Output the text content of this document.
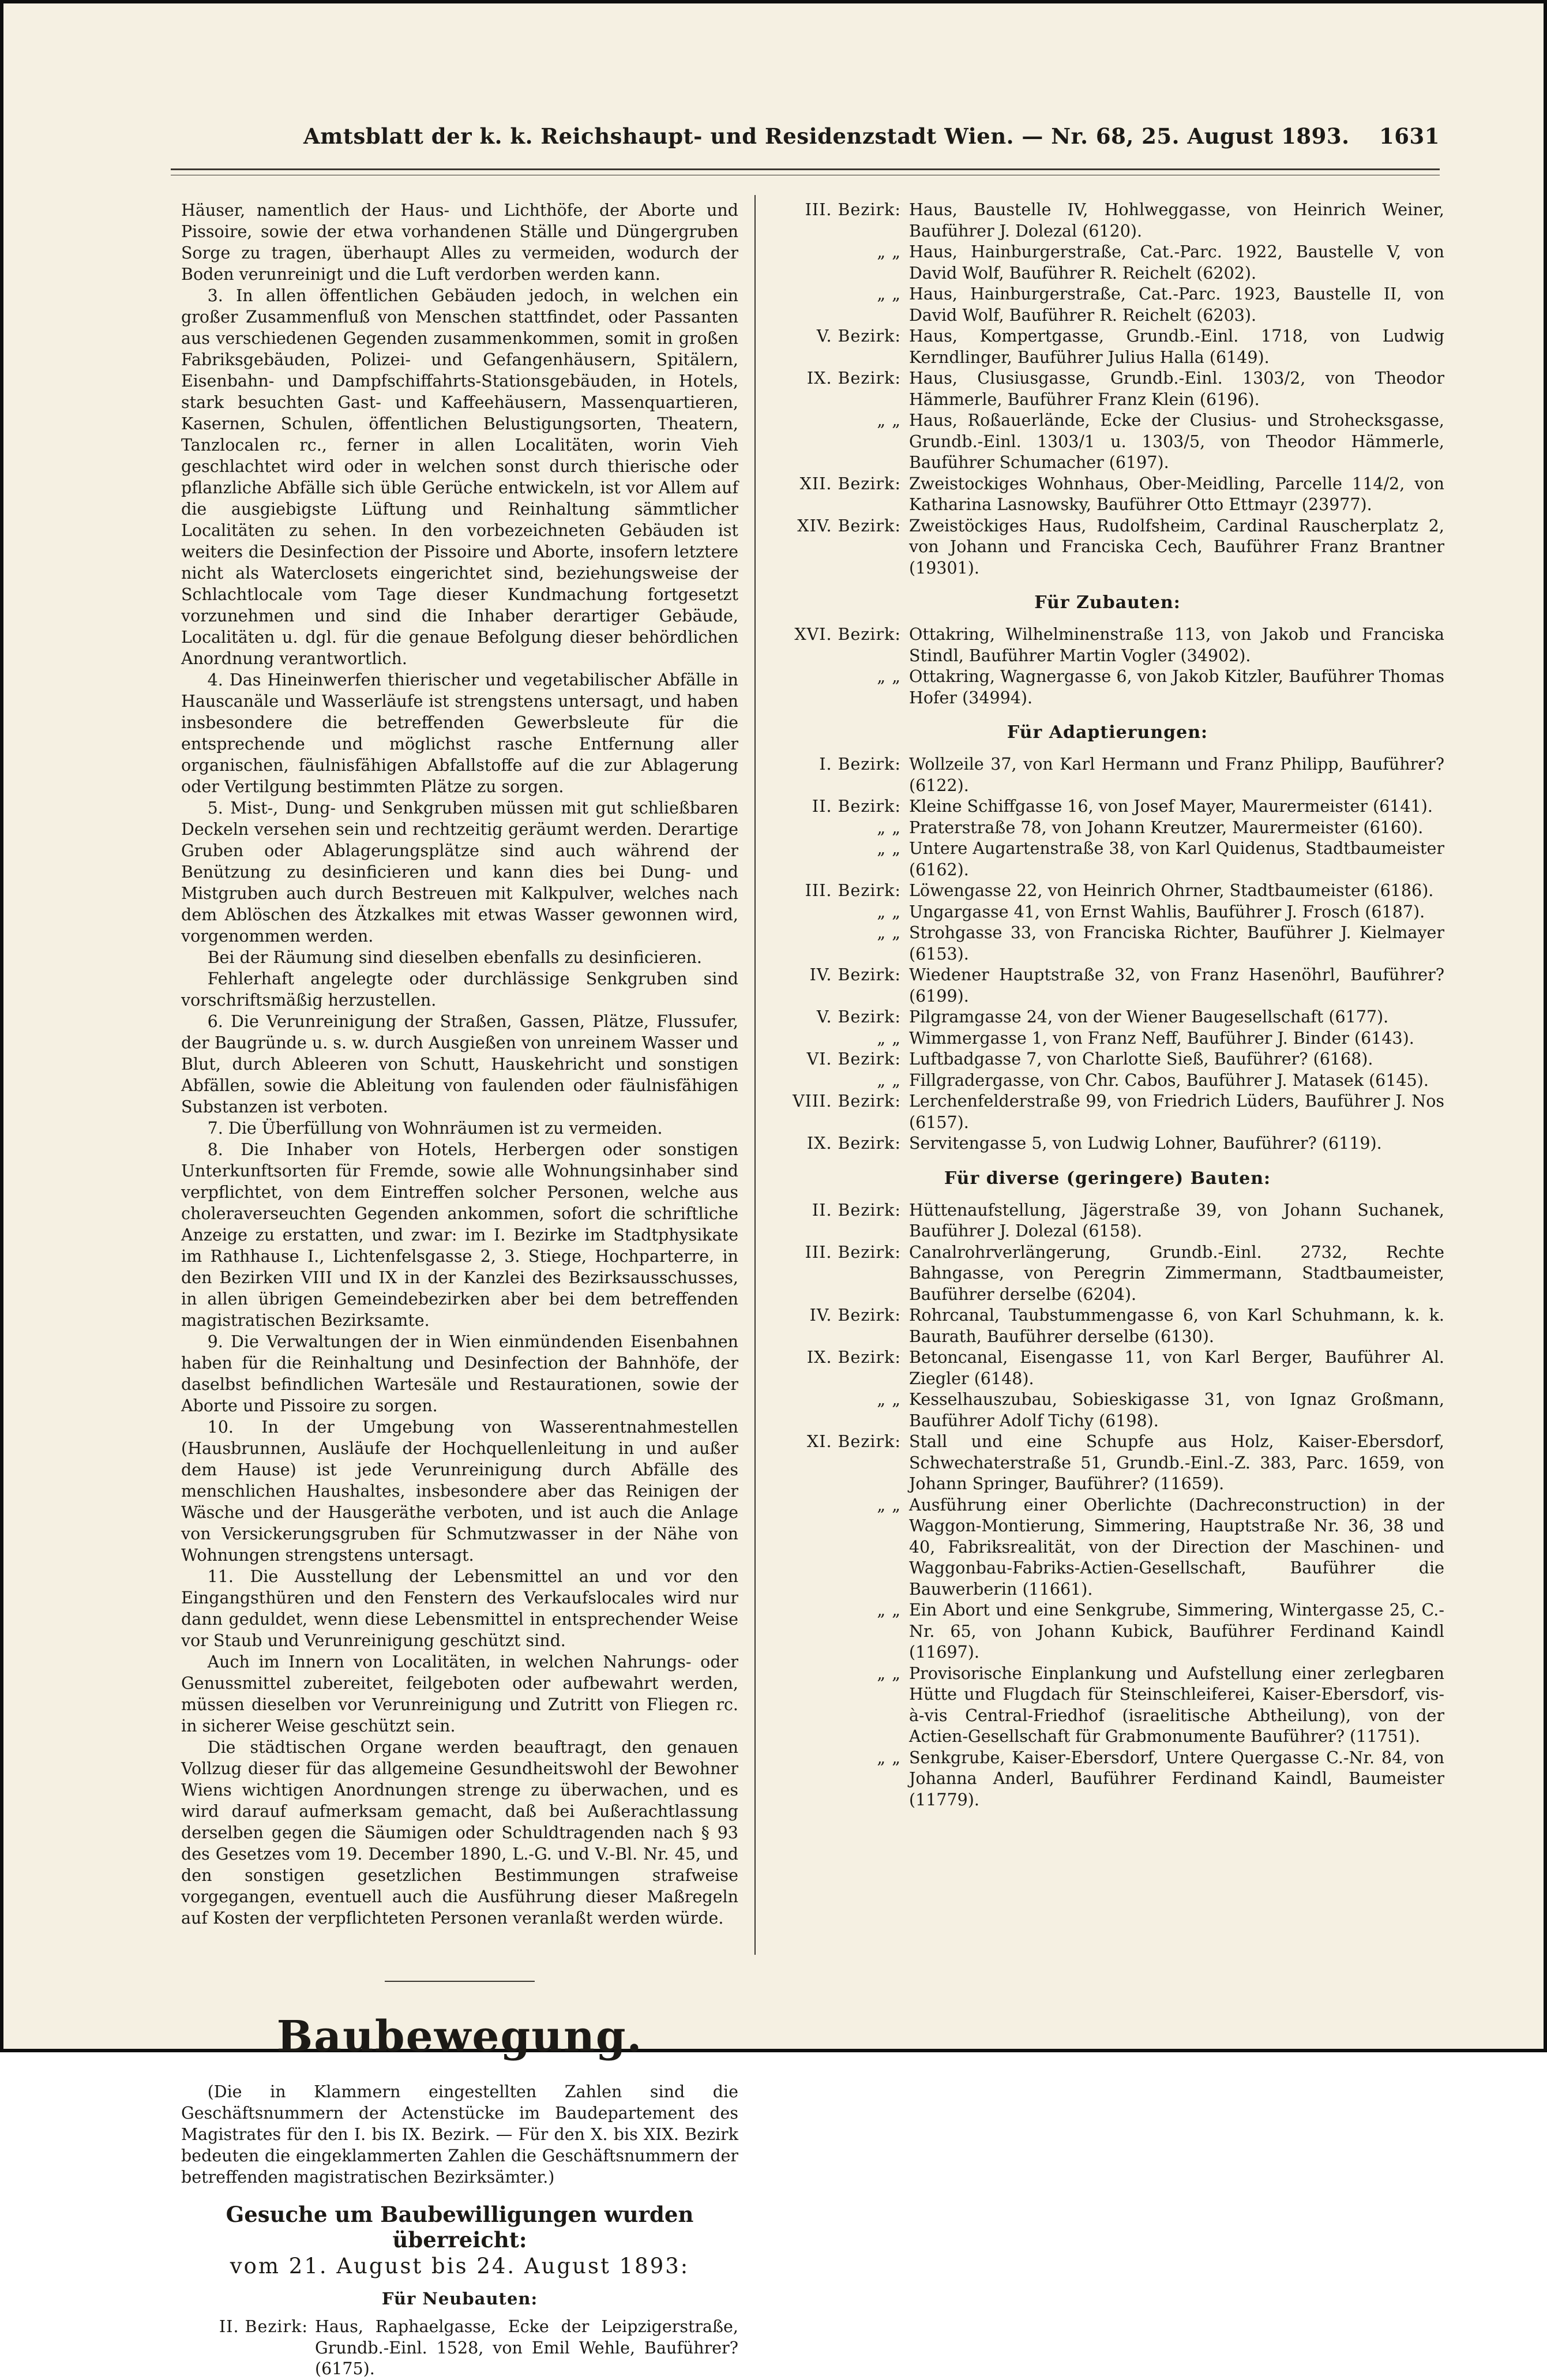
Amtsblatt der k. k. Reichshaupt- und Residenzstadt Wien. — Nr. 68, 25. August 1893. 1631

Häuser, namentlich der Haus- und Lichthöfe, der Aborte und Pissoire, sowie der etwa vorhandenen Ställe und Düngergruben Sorge zu tragen, überhaupt Alles zu vermeiden, wodurch der Boden verunreinigt und die Luft verdorben werden kann.

3. In allen öffentlichen Gebäuden jedoch, in welchen ein großer Zusammenfluß von Menschen stattfindet, oder Passanten aus verschiedenen Gegenden zusammenkommen, somit in großen Fabriksgebäuden, Polizei- und Gefangenhäusern, Spitälern, Eisenbahn- und Dampfschiffahrts-Stationsgebäuden, in Hotels, stark besuchten Gast- und Kaffeehäusern, Massenquartieren, Kasernen, Schulen, öffentlichen Belustigungsorten, Theatern, Tanzlocalen rc., ferner in allen Localitäten, worin Vieh geschlachtet wird oder in welchen sonst durch thierische oder pflanzliche Abfälle sich üble Gerüche entwickeln, ist vor Allem auf die ausgiebigste Lüftung und Reinhaltung sämmtlicher Localitäten zu sehen. In den vorbezeichneten Gebäuden ist weiters die Desinfection der Pissoire und Aborte, insofern letztere nicht als Waterclosets eingerichtet sind, beziehungsweise der Schlachtlocale vom Tage dieser Kundmachung fortgesetzt vorzunehmen und sind die Inhaber derartiger Gebäude, Localitäten u. dgl. für die genaue Befolgung dieser behördlichen Anordnung verantwortlich.

4. Das Hineinwerfen thierischer und vegetabilischer Abfälle in Hauscanäle und Wasserläufe ist strengstens untersagt, und haben insbesondere die betreffenden Gewerbsleute für die entsprechende und möglichst rasche Entfernung aller organischen, fäulnisfähigen Abfallstoffe auf die zur Ablagerung oder Vertilgung bestimmten Plätze zu sorgen.

5. Mist-, Dung- und Senkgruben müssen mit gut schließbaren Deckeln versehen sein und rechtzeitig geräumt werden. Derartige Gruben oder Ablagerungsplätze sind auch während der Benützung zu desinficieren und kann dies bei Dung- und Mistgruben auch durch Bestreuen mit Kalkpulver, welches nach dem Ablöschen des Ätzkalkes mit etwas Wasser gewonnen wird, vorgenommen werden.

Bei der Räumung sind dieselben ebenfalls zu desinficieren.

Fehlerhaft angelegte oder durchlässige Senkgruben sind vorschriftsmäßig herzustellen.

6. Die Verunreinigung der Straßen, Gassen, Plätze, Flussufer, der Baugründe u. s. w. durch Ausgießen von unreinem Wasser und Blut, durch Ableeren von Schutt, Hauskehricht und sonstigen Abfällen, sowie die Ableitung von faulenden oder fäulnisfähigen Substanzen ist verboten.

7. Die Überfüllung von Wohnräumen ist zu vermeiden.

8. Die Inhaber von Hotels, Herbergen oder sonstigen Unterkunftsorten für Fremde, sowie alle Wohnungsinhaber sind verpflichtet, von dem Eintreffen solcher Personen, welche aus choleraverseuchten Gegenden ankommen, sofort die schriftliche Anzeige zu erstatten, und zwar: im I. Bezirke im Stadtphysikate im Rathhause I., Lichtenfelsgasse 2, 3. Stiege, Hochparterre, in den Bezirken VIII und IX in der Kanzlei des Bezirksausschusses, in allen übrigen Gemeindebezirken aber bei dem betreffenden magistratischen Bezirksamte.

9. Die Verwaltungen der in Wien einmündenden Eisenbahnen haben für die Reinhaltung und Desinfection der Bahnhöfe, der daselbst befindlichen Wartesäle und Restaurationen, sowie der Aborte und Pissoire zu sorgen.

10. In der Umgebung von Wasserentnahmestellen (Hausbrunnen, Ausläufe der Hochquellenleitung in und außer dem Hause) ist jede Verunreinigung durch Abfälle des menschlichen Haushaltes, insbesondere aber das Reinigen der Wäsche und der Hausgeräthe verboten, und ist auch die Anlage von Versickerungsgruben für Schmutzwasser in der Nähe von Wohnungen strengstens untersagt.

11. Die Ausstellung der Lebensmittel an und vor den Eingangsthüren und den Fenstern des Verkaufslocales wird nur dann geduldet, wenn diese Lebensmittel in entsprechender Weise vor Staub und Verunreinigung geschützt sind.

Auch im Innern von Localitäten, in welchen Nahrungs- oder Genussmittel zubereitet, feilgeboten oder aufbewahrt werden, müssen dieselben vor Verunreinigung und Zutritt von Fliegen rc. in sicherer Weise geschützt sein.

Die städtischen Organe werden beauftragt, den genauen Vollzug dieser für das allgemeine Gesundheitswohl der Bewohner Wiens wichtigen Anordnungen strenge zu überwachen, und es wird darauf aufmerksam gemacht, daß bei Außerachtlassung derselben gegen die Säumigen oder Schuldtragenden nach § 93 des Gesetzes vom 19. December 1890, L.-G. und V.-Bl. Nr. 45, und den sonstigen gesetzlichen Bestimmungen strafweise vorgegangen, eventuell auch die Ausführung dieser Maßregeln auf Kosten der verpflichteten Personen veranlaßt werden würde.

Baubewegung.

(Die in Klammern eingestellten Zahlen sind die Geschäftsnummern der Actenstücke im Baudepartement des Magistrates für den I. bis IX. Bezirk. — Für den X. bis XIX. Bezirk bedeuten die eingeklammerten Zahlen die Geschäftsnummern der betreffenden magistratischen Bezirksämter.)

Gesuche um Baubewilligungen wurden überreicht:
vom 21. August bis 24. August 1893:
Für Neubauten:
II. Bezirk: Haus, Raphaelgasse, Ecke der Leipzigerstraße, Grundb.-Einl. 1528, von Emil Wehle, Bauführer? (6175).
III. Bezirk: Haus, Baustelle IV, Hohlweggasse, von Heinrich Weiner, Bauführer J. Dolezal (6120).
„ „ Haus, Hainburgerstraße, Cat.-Parc. 1922, Baustelle V, von David Wolf, Bauführer R. Reichelt (6202).
„ „ Haus, Hainburgerstraße, Cat.-Parc. 1923, Baustelle II, von David Wolf, Bauführer R. Reichelt (6203).
V. Bezirk: Haus, Kompertgasse, Grundb.-Einl. 1718, von Ludwig Kerndlinger, Bauführer Julius Halla (6149).
IX. Bezirk: Haus, Clusiusgasse, Grundb.-Einl. 1303/2, von Theodor Hämmerle, Bauführer Franz Klein (6196).
„ „ Haus, Roßauerlände, Ecke der Clusius- und Strohecksgasse, Grundb.-Einl. 1303/1 u. 1303/5, von Theodor Hämmerle, Bauführer Schumacher (6197).
XII. Bezirk: Zweistockiges Wohnhaus, Ober-Meidling, Parcelle 114/2, von Katharina Lasnowsky, Bauführer Otto Ettmayr (23977).
XIV. Bezirk: Zweistöckiges Haus, Rudolfsheim, Cardinal Rauscherplatz 2, von Johann und Franciska Cech, Bauführer Franz Brantner (19301).
Für Zubauten:
XVI. Bezirk: Ottakring, Wilhelminenstraße 113, von Jakob und Franciska Stindl, Bauführer Martin Vogler (34902).
„ „ Ottakring, Wagnergasse 6, von Jakob Kitzler, Bauführer Thomas Hofer (34994).
Für Adaptierungen:
I. Bezirk: Wollzeile 37, von Karl Hermann und Franz Philipp, Bauführer? (6122).
II. Bezirk: Kleine Schiffgasse 16, von Josef Mayer, Maurermeister (6141).
„ „ Praterstraße 78, von Johann Kreutzer, Maurermeister (6160).
„ „ Untere Augartenstraße 38, von Karl Quidenus, Stadtbaumeister (6162).
III. Bezirk: Löwengasse 22, von Heinrich Ohrner, Stadtbaumeister (6186).
„ „ Ungargasse 41, von Ernst Wahlis, Bauführer J. Frosch (6187).
„ „ Strohgasse 33, von Franciska Richter, Bauführer J. Kielmayer (6153).
IV. Bezirk: Wiedener Hauptstraße 32, von Franz Hasenöhrl, Bauführer? (6199).
V. Bezirk: Pilgramgasse 24, von der Wiener Baugesellschaft (6177).
„ „ Wimmergasse 1, von Franz Neff, Bauführer J. Binder (6143).
VI. Bezirk: Luftbadgasse 7, von Charlotte Sieß, Bauführer? (6168).
„ „ Fillgradergasse, von Chr. Cabos, Bauführer J. Matasek (6145).
VIII. Bezirk: Lerchenfelderstraße 99, von Friedrich Lüders, Bauführer J. Nos (6157).
IX. Bezirk: Servitengasse 5, von Ludwig Lohner, Bauführer? (6119).
Für diverse (geringere) Bauten:
II. Bezirk: Hüttenaufstellung, Jägerstraße 39, von Johann Suchanek, Bauführer J. Dolezal (6158).
III. Bezirk: Canalrohrverlängerung, Grundb.-Einl. 2732, Rechte Bahngasse, von Peregrin Zimmermann, Stadtbaumeister, Bauführer derselbe (6204).
IV. Bezirk: Rohrcanal, Taubstummengasse 6, von Karl Schuhmann, k. k. Baurath, Bauführer derselbe (6130).
IX. Bezirk: Betoncanal, Eisengasse 11, von Karl Berger, Bauführer Al. Ziegler (6148).
„ „ Kesselhauszubau, Sobieskigasse 31, von Ignaz Großmann, Bauführer Adolf Tichy (6198).
XI. Bezirk: Stall und eine Schupfe aus Holz, Kaiser-Ebersdorf, Schwechaterstraße 51, Grundb.-Einl.-Z. 383, Parc. 1659, von Johann Springer, Bauführer? (11659).
„ „ Ausführung einer Oberlichte (Dachreconstruction) in der Waggon-Montierung, Simmering, Hauptstraße Nr. 36, 38 und 40, Fabriksrealität, von der Direction der Maschinen- und Waggonbau-Fabriks-Actien-Gesellschaft, Bauführer die Bauwerberin (11661).
„ „ Ein Abort und eine Senkgrube, Simmering, Wintergasse 25, C.-Nr. 65, von Johann Kubick, Bauführer Ferdinand Kaindl (11697).
„ „ Provisorische Einplankung und Aufstellung einer zerlegbaren Hütte und Flugdach für Steinschleiferei, Kaiser-Ebersdorf, vis-à-vis Central-Friedhof (israelitische Abtheilung), von der Actien-Gesellschaft für Grabmonumente Bauführer? (11751).
„ „ Senkgrube, Kaiser-Ebersdorf, Untere Quergasse C.-Nr. 84, von Johanna Anderl, Bauführer Ferdinand Kaindl, Baumeister (11779).
